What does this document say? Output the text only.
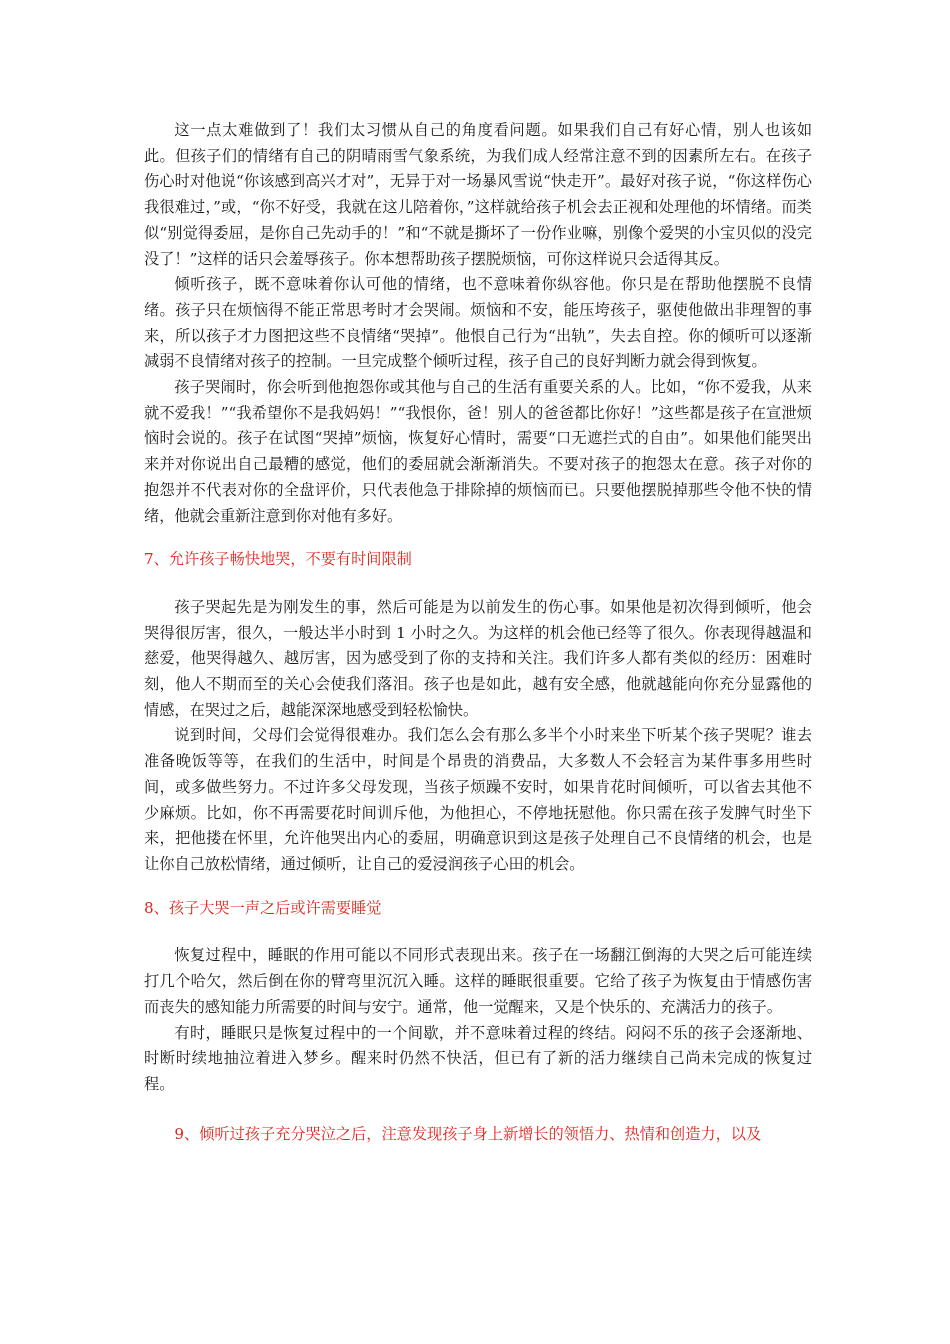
这一点太难做到了！我们太习惯从自己的角度看问题。如果我们自己有好心情，别人也该如此。但孩子们的情绪有自己的阴晴雨雪气象系统，为我们成人经常注意不到的因素所左右。在孩子伤心时对他说“你该感到高兴才对”，无异于对一场暴风雪说“快走开”。最好对孩子说，“你这样伤心我很难过，”或，“你不好受，我就在这儿陪着你，”这样就给孩子机会去正视和处理他的坏情绪。而类似“别觉得委屈，是你自己先动手的！”和“不就是撕坏了一份作业嘛，别像个爱哭的小宝贝似的没完没了！”这样的话只会羞辱孩子。你本想帮助孩子摆脱烦恼，可你这样说只会适得其反。

倾听孩子，既不意味着你认可他的情绪，也不意味着你纵容他。你只是在帮助他摆脱不良情绪。孩子只在烦恼得不能正常思考时才会哭闹。烦恼和不安，能压垮孩子，驱使他做出非理智的事来，所以孩子才力图把这些不良情绪“哭掉”。他恨自己行为“出轨”，失去自控。你的倾听可以逐渐减弱不良情绪对孩子的控制。一旦完成整个倾听过程，孩子自己的良好判断力就会得到恢复。

孩子哭闹时，你会听到他抱怨你或其他与自己的生活有重要关系的人。比如，“你不爱我，从来就不爱我！”“我希望你不是我妈妈！”“我恨你，爸！别人的爸爸都比你好！”这些都是孩子在宣泄烦恼时会说的。孩子在试图“哭掉”烦恼，恢复好心情时，需要“口无遮拦式的自由”。如果他们能哭出来并对你说出自己最糟的感觉，他们的委屈就会渐渐消失。不要对孩子的抱怨太在意。孩子对你的抱怨并不代表对你的全盘评价，只代表他急于排除掉的烦恼而已。只要他摆脱掉那些令他不快的情绪，他就会重新注意到你对他有多好。

7、允许孩子畅快地哭，不要有时间限制

孩子哭起先是为刚发生的事，然后可能是为以前发生的伤心事。如果他是初次得到倾听，他会哭得很厉害，很久，一般达半小时到 1 小时之久。为这样的机会他已经等了很久。你表现得越温和慈爱，他哭得越久、越厉害，因为感受到了你的支持和关注。我们许多人都有类似的经历：困难时刻，他人不期而至的关心会使我们落泪。孩子也是如此，越有安全感，他就越能向你充分显露他的情感，在哭过之后，越能深深地感受到轻松愉快。

说到时间，父母们会觉得很难办。我们怎么会有那么多半个小时来坐下听某个孩子哭呢？谁去准备晚饭等等，在我们的生活中，时间是个昂贵的消费品，大多数人不会轻言为某件事多用些时间，或多做些努力。不过许多父母发现，当孩子烦躁不安时，如果肯花时间倾听，可以省去其他不少麻烦。比如，你不再需要花时间训斥他，为他担心，不停地抚慰他。你只需在孩子发脾气时坐下来，把他搂在怀里，允许他哭出内心的委屈，明确意识到这是孩子处理自己不良情绪的机会，也是让你自己放松情绪，通过倾听，让自己的爱浸润孩子心田的机会。

8、孩子大哭一声之后或许需要睡觉

恢复过程中，睡眠的作用可能以不同形式表现出来。孩子在一场翻江倒海的大哭之后可能连续打几个哈欠，然后倒在你的臂弯里沉沉入睡。这样的睡眠很重要。它给了孩子为恢复由于情感伤害而丧失的感知能力所需要的时间与安宁。通常，他一觉醒来，又是个快乐的、充满活力的孩子。

有时，睡眠只是恢复过程中的一个间歇，并不意味着过程的终结。闷闷不乐的孩子会逐渐地、时断时续地抽泣着进入梦乡。醒来时仍然不快活，但已有了新的活力继续自己尚未完成的恢复过程。

9、倾听过孩子充分哭泣之后，注意发现孩子身上新增长的领悟力、热情和创造力，以及
